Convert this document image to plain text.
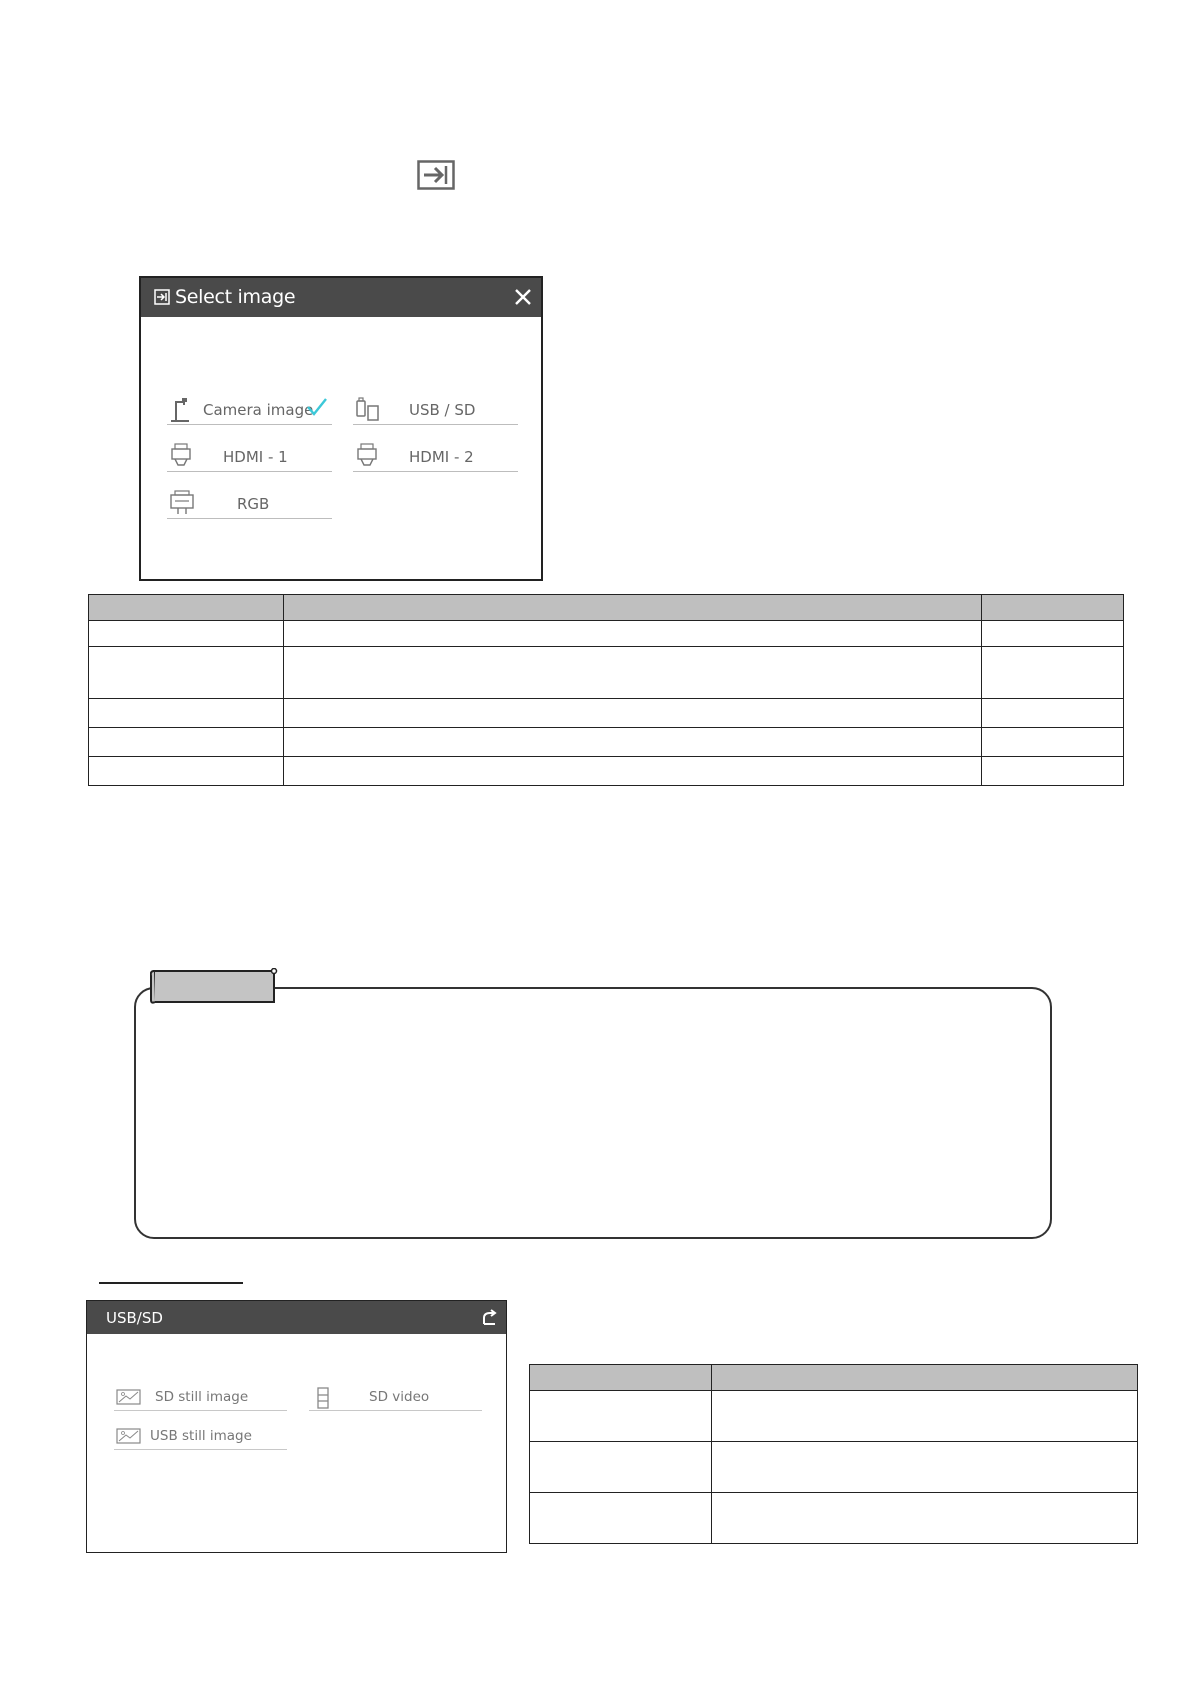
Select image
Camera image	USB / SD
HDMI - 1	HDMI - 2
RGB

USB/SD
SD still image	SD video
USB still image
